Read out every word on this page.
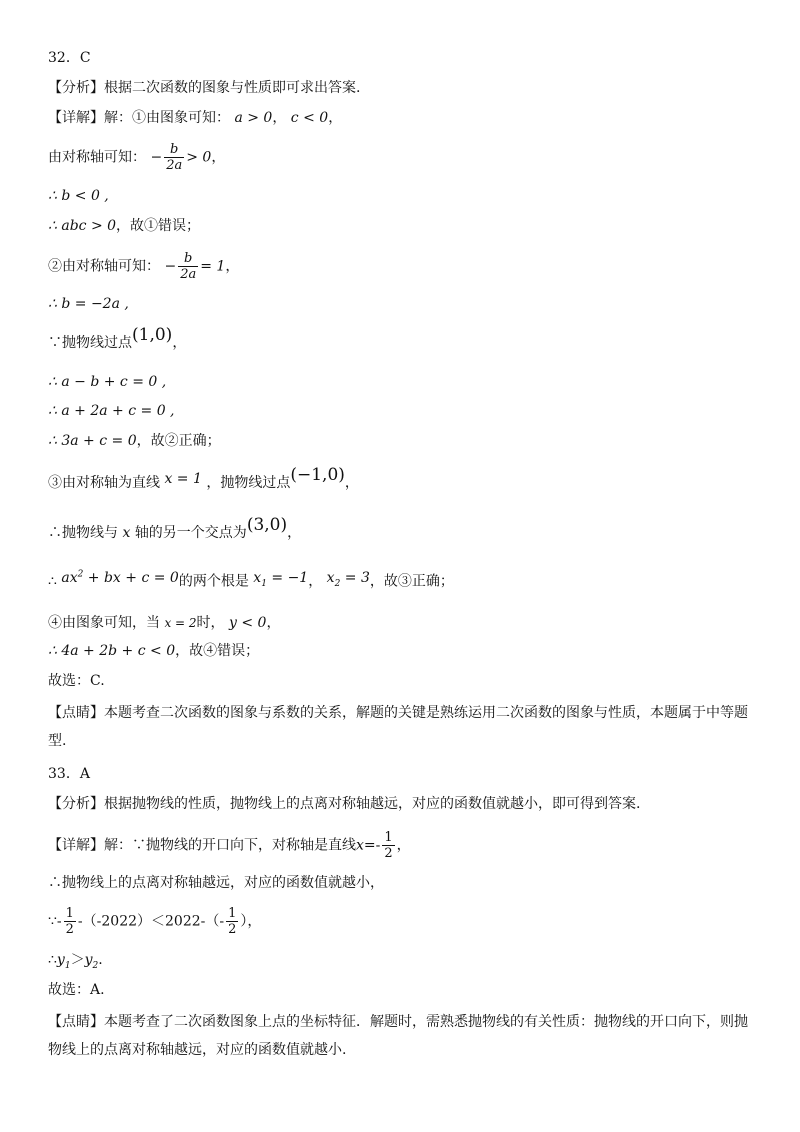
32．C
【分析】根据二次函数的图象与性质即可求出答案.
【详解】解：①由图象可知： a > 0， c < 0，
由对称轴可知： − $\frac{b}{2a} > 0$，
∴ b < 0 ,
∴ abc > 0，故①错误；
②由对称轴可知： − $\frac{b}{2a} = 1$，
∴ b = −2a ,
∵抛物线过点(1,0)，
∴ a − b + c = 0 ,
∴ a + 2a + c = 0 ,
∴ 3a + c = 0，故②正确；
③由对称轴为直线 x = 1 ，抛物线过点(−1,0)，
∴抛物线与 x 轴的另一个交点为(3,0)，
∴ $ax^2$ + bx + c = 0的两个根是 $x_1 = -1$， $x_2 = 3$，故③正确；
④由图象可知，当 x = 2时， y < 0，
∴ 4a + 2b + c < 0，故④错误；
故选：C.
【点睛】本题考查二次函数的图象与系数的关系，解题的关键是熟练运用二次函数的图象与性质，本题属于中等题型.
33．A
【分析】根据抛物线的性质，抛物线上的点离对称轴越远，对应的函数值就越小，即可得到答案.
【详解】解：∵抛物线的开口向下，对称轴是直线$x=- \frac{1}{2}$ ，
∴抛物线上的点离对称轴越远，对应的函数值就越小，
∵- $\frac{1}{2} -(-2022)<2022-(- \frac{1}{2}$ ），
$\therefore y_1>y_2$.
故选：A.
【点睛】本题考查了二次函数图象上点的坐标特征．解题时，需熟悉抛物线的有关性质：抛物线的开口向下，则抛物线上的点离对称轴越远，对应的函数值就越小.
